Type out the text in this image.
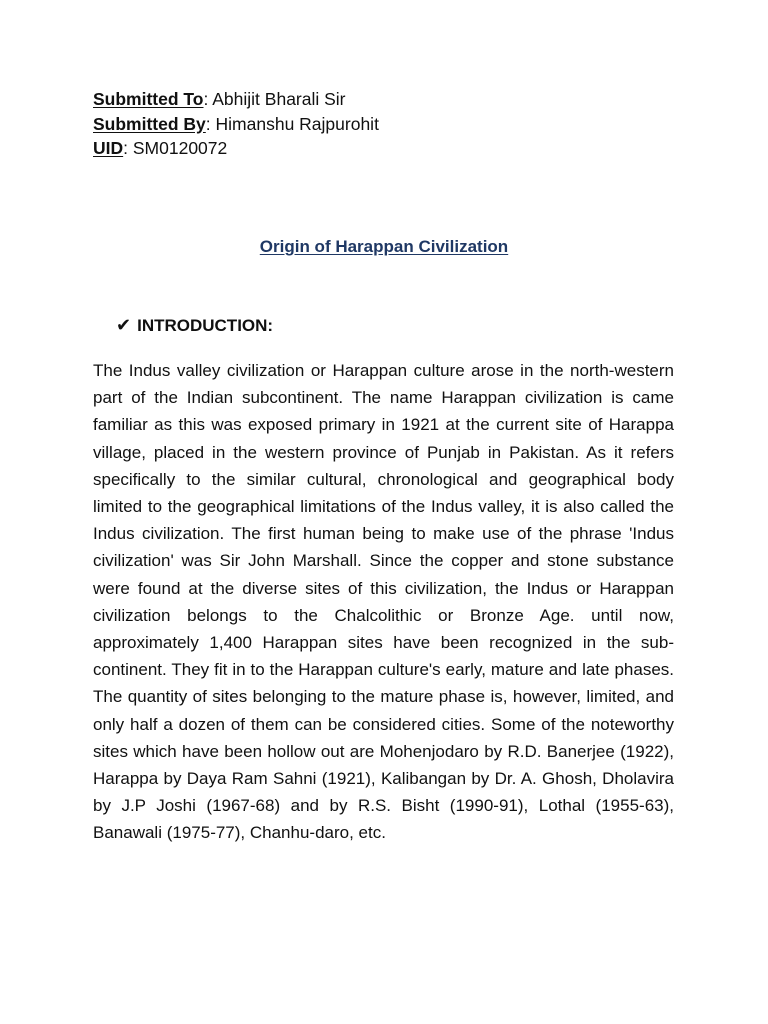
Submitted To: Abhijit Bharali Sir
Submitted By: Himanshu Rajpurohit
UID: SM0120072
Origin of Harappan Civilization
✔ INTRODUCTION:

The Indus valley civilization or Harappan culture arose in the north-western part of the Indian subcontinent. The name Harappan civilization is came familiar as this was exposed primary in 1921 at the current site of Harappa village, placed in the western province of Punjab in Pakistan. As it refers specifically to the similar cultural, chronological and geographical body limited to the geographical limitations of the Indus valley, it is also called the Indus civilization. The first human being to make use of the phrase 'Indus civilization' was Sir John Marshall. Since the copper and stone substance were found at the diverse sites of this civilization, the Indus or Harappan civilization belongs to the Chalcolithic or Bronze Age. until now, approximately 1,400 Harappan sites have been recognized in the sub-continent. They fit in to the Harappan culture's early, mature and late phases. The quantity of sites belonging to the mature phase is, however, limited, and only half a dozen of them can be considered cities. Some of the noteworthy sites which have been hollow out are Mohenjodaro by R.D. Banerjee (1922), Harappa by Daya Ram Sahni (1921), Kalibangan by Dr. A. Ghosh, Dholavira by J.P Joshi (1967-68) and by R.S. Bisht (1990-91), Lothal (1955-63), Banawali (1975-77), Chanhu-daro, etc.
